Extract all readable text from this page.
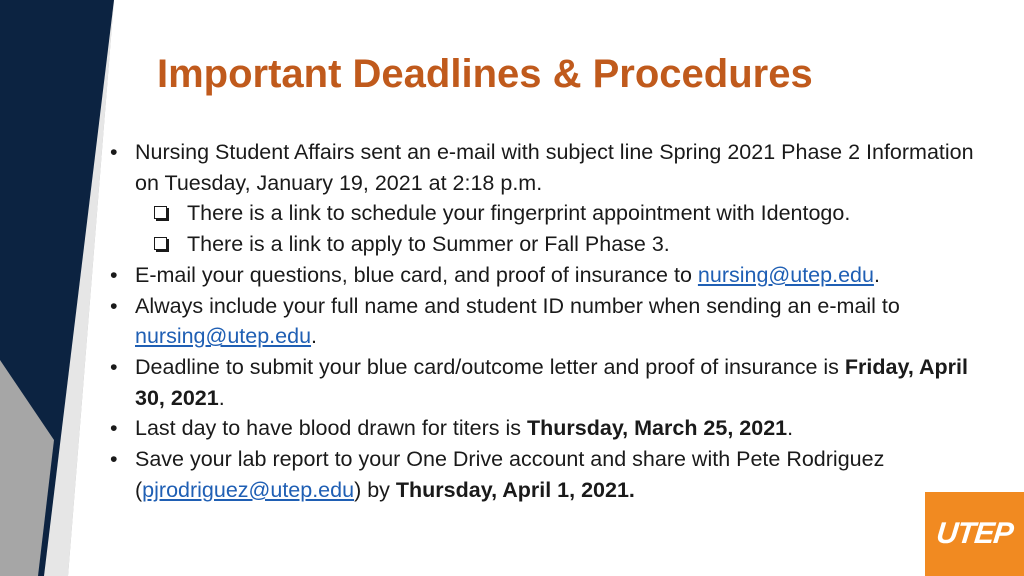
Important Deadlines & Procedures
• Nursing Student Affairs sent an e-mail with subject line Spring 2021 Phase 2 Information on Tuesday, January 19, 2021 at 2:18 p.m.
There is a link to schedule your fingerprint appointment with Identogo.
There is a link to apply to Summer or Fall Phase 3.
• E-mail your questions, blue card, and proof of insurance to nursing@utep.edu.
• Always include your full name and student ID number when sending an e-mail to nursing@utep.edu.
• Deadline to submit your blue card/outcome letter and proof of insurance is Friday, April 30, 2021.
• Last day to have blood drawn for titers is Thursday, March 25, 2021.
• Save your lab report to your One Drive account and share with Pete Rodriguez (pjrodriguez@utep.edu) by Thursday, April 1, 2021.
UTEP
